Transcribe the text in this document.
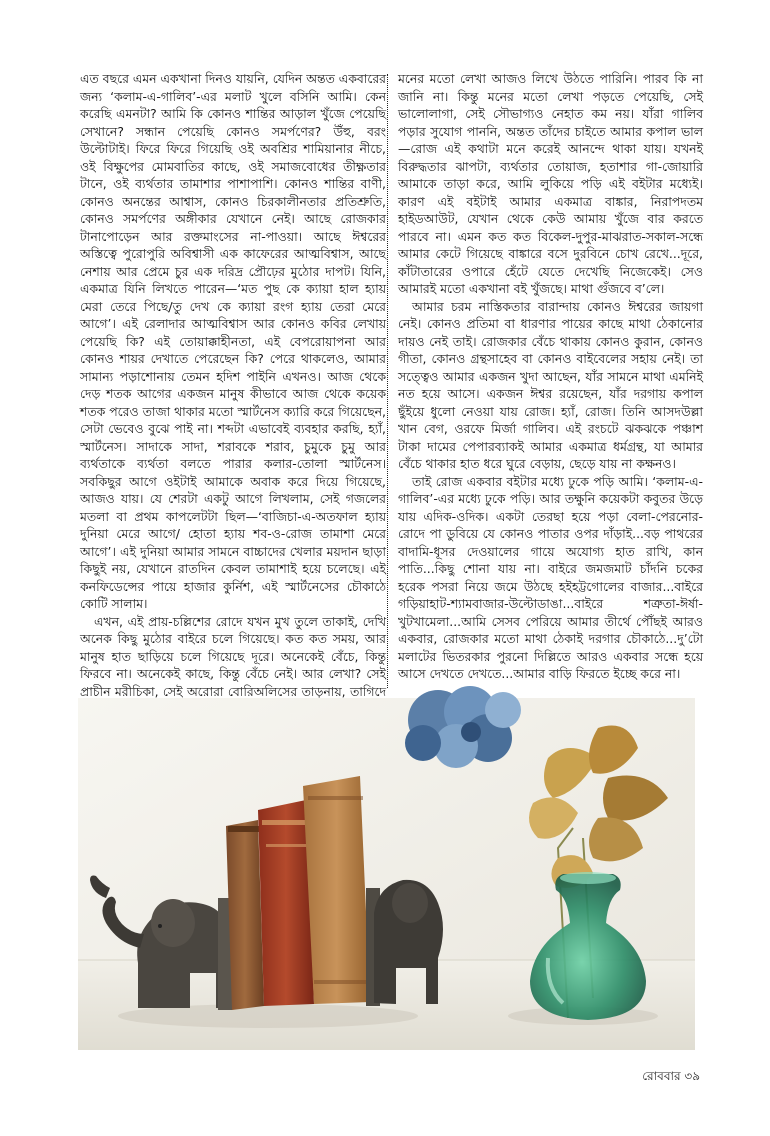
এত বছরে এমন একখানা দিনও যায়নি, যেদিন অন্তত একবারের জন্য ‘কলাম-এ-গালিব’-এর মলাট খুলে বসিনি আমি। কেন করেছি এমনটা? আমি কি কোনও শান্তির আড়াল খুঁজে পেয়েছি সেখানে? সন্ধান পেয়েছি কোনও সমর্পণের? উঁহু, বরং উল্টোটাই। ফিরে ফিরে গিয়েছি ওই অবশ্রির শামিয়ানার নীচে, ওই বিক্ষুপের মোমবাতির কাছে, ওই সমাজবোধের তীক্ষ্ণতার টানে, ওই ব্যর্থতার তামাশার পাশাপাশি। কোনও শান্তির বাণী, কোনও অনন্তের আশ্বাস, কোনও চিরকালীনতার প্রতিশ্রুতি, কোনও সমর্পণের অঙ্গীকার যেখানে নেই। আছে রোজকার টানাপোড়েন আর রক্তমাংসের না-পাওয়া। আছে ঈশ্বরের অস্তিত্বে পুরোপুরি অবিশ্বাসী এক কাফেরের আত্মবিশ্বাস, আছে নেশায় আর প্রেমে চুর এক দরিদ্র প্রৌঢ়ের মুঠোর দাপট। যিনি, একমাত্র যিনি লিখতে পারেন—‘মত পুছ কে ক্যায়া হাল হ্যায় মেরা তেরে পিছে/তু দেখ কে ক্যায়া রংগ হ্যায় তেরা মেরে আগে’। এই রেলাদার আত্মবিশ্বাস আর কোনও কবির লেখায় পেয়েছি কি? এই তোয়াক্কাহীনতা, এই বেপরোয়াপনা আর কোনও শায়র দেখাতে পেরেছেন কি? পেরে থাকলেও, আমার সামান্য পড়াশোনায় তেমন হদিশ পাইনি এখনও। আজ থেকে দেড় শতক আগের একজন মানুষ কীভাবে আজ থেকে কয়েক শতক পরেও তাজা থাকার মতো স্মার্টনেস ক্যারি করে গিয়েছেন, সেটা ভেবেও বুঝে পাই না। শব্দটা এভাবেই ব্যবহার করছি, হ্যাঁ, স্মার্টনেস। সাদাকে সাদা, শরাবকে শরাব, চুমুকে চুমু আর ব্যর্থতাকে ব্যর্থতা বলতে পারার কলার-তোলা স্মার্টনেস। সবকিছুর আগে ওইটাই আমাকে অবাক করে দিয়ে গিয়েছে, আজও যায়। যে শেরটা একটু আগে লিখলাম, সেই গজলের মতলা বা প্রথম কাপলেটটা ছিল—‘বাজিচা-এ-অতফাল হ্যায় দুনিয়া মেরে আগে/ হোতা হ্যায় শব-ও-রোজ তামাশা মেরে আগে’। এই দুনিয়া আমার সামনে বাচ্চাদের খেলার ময়দান ছাড়া কিছুই নয়, যেখানে রাতদিন কেবল তামাশাই হয়ে চলেছে। এই কনফিডেন্সের পায়ে হাজার কুর্নিশ, এই স্মার্টনেসের চৌকাঠে কোটি সালাম।

এখন, এই প্রায়-চল্লিশের রোদে যখন মুখ তুলে তাকাই, দেখি অনেক কিছু মুঠোর বাইরে চলে গিয়েছে। কত কত সময়, আর মানুষ হাত ছাড়িয়ে চলে গিয়েছে দূরে। অনেকেই বেঁচে, কিন্তু ফিরবে না। অনেকেই কাছে, কিন্তু বেঁচে নেই। আর লেখা? সেই প্রাচীন মরীচিকা, সেই অরোরা বোরিঅলিসের তাড়নায়, তাগিদে

মনের মতো লেখা আজও লিখে উঠতে পারিনি। পারব কি না জানি না। কিন্তু মনের মতো লেখা পড়তে পেয়েছি, সেই ভালোলাগা, সেই সৌভাগ্যও নেহাত কম নয়। যাঁরা গালিব পড়ার সুযোগ পাননি, অন্তত তাঁদের চাইতে আমার কপাল ভাল—রোজ এই কথাটা মনে করেই আনন্দে থাকা যায়। যখনই বিরুদ্ধতার ঝাপটা, ব্যর্থতার তোয়াজ, হতাশার গা-জোয়ারি আমাকে তাড়া করে, আমি লুকিয়ে পড়ি এই বইটার মধ্যেই। কারণ এই বইটাই আমার একমাত্র বাঙ্কার, নিরাপদতম হাইডআউট, যেখান থেকে কেউ আমায় খুঁজে বার করতে পারবে না। এমন কত কত বিকেল-দুপুর-মাঝরাত-সকাল-সন্ধে আমার কেটে গিয়েছে বাঙ্কারে বসে দুরবিনে চোখ রেখে...দূরে, কাঁটাতারের ওপারে হেঁটে যেতে দেখেছি নিজেকেই। সেও আমারই মতো একখানা বই খুঁজছে। মাথা গুঁজবে ব’লে।

আমার চরম নাস্তিকতার বারান্দায় কোনও ঈশ্বরের জায়গা নেই। কোনও প্রতিমা বা ধারণার পায়ের কাছে মাথা ঠেকানোর দায়ও নেই তাই। রোজকার বেঁচে থাকায় কোনও কুরান, কোনও গীতা, কোনও গ্রন্থসাহেব বা কোনও বাইবেলের সহায় নেই। তা সত্ত্বেও আমার একজন খুদা আছেন, যাঁর সামনে মাথা এমনিই নত হয়ে আসে। একজন ঈশ্বর রয়েছেন, যাঁর দরগায় কপাল ছুঁইয়ে ধুলো নেওয়া যায় রোজ। হ্যাঁ, রোজ। তিনি আসদউল্লা খান বেগ, ওরফে মির্জা গালিব। এই রংচটে ঝকঝকে পঞ্চাশ টাকা দামের পেপারব্যাকই আমার একমাত্র ধর্মগ্রন্থ, যা আমার বেঁচে থাকার হাত ধরে ঘুরে বেড়ায়, ছেড়ে যায় না কক্ষনও।

তাই রোজ একবার বইটার মধ্যে ঢুকে পড়ি আমি। ‘কলাম-এ-গালিব’-এর মধ্যে ঢুকে পড়ি। আর তক্ষুনি কয়েকটা কবুতর উড়ে যায় এদিক-ওদিক। একটা তেরছা হয়ে পড়া বেলা-পেরনোর-রোদে পা ডুবিয়ে যে কোনও পাতার ওপর দাঁড়াই...বড় পাথরের বাদামি-ধূসর দেওয়ালের গায়ে অযোগ্য হাত রাখি, কান পাতি...কিছু শোনা যায় না। বাইরে জমজমাট চাঁদনি চকের হরেক পসরা নিয়ে জমে উঠছে হইহট্টগোলের বাজার...বাইরে গড়িয়াহাট-শ্যামবাজার-উল্টোডাঙা...বাইরে শত্রুতা-ঈর্ষা-খুটখামেলা...আমি সেসব পেরিয়ে আমার তীর্থে পৌঁছই আরও একবার, রোজকার মতো মাথা ঠেকাই দরগার চৌকাঠে...দু’টো মলাটের ভিতরকার পুরনো দিল্লিতে আরও একবার সন্ধে হয়ে আসে দেখতে দেখতে...আমার বাড়ি ফিরতে ইচ্ছে করে না।

রোববার ৩৯
